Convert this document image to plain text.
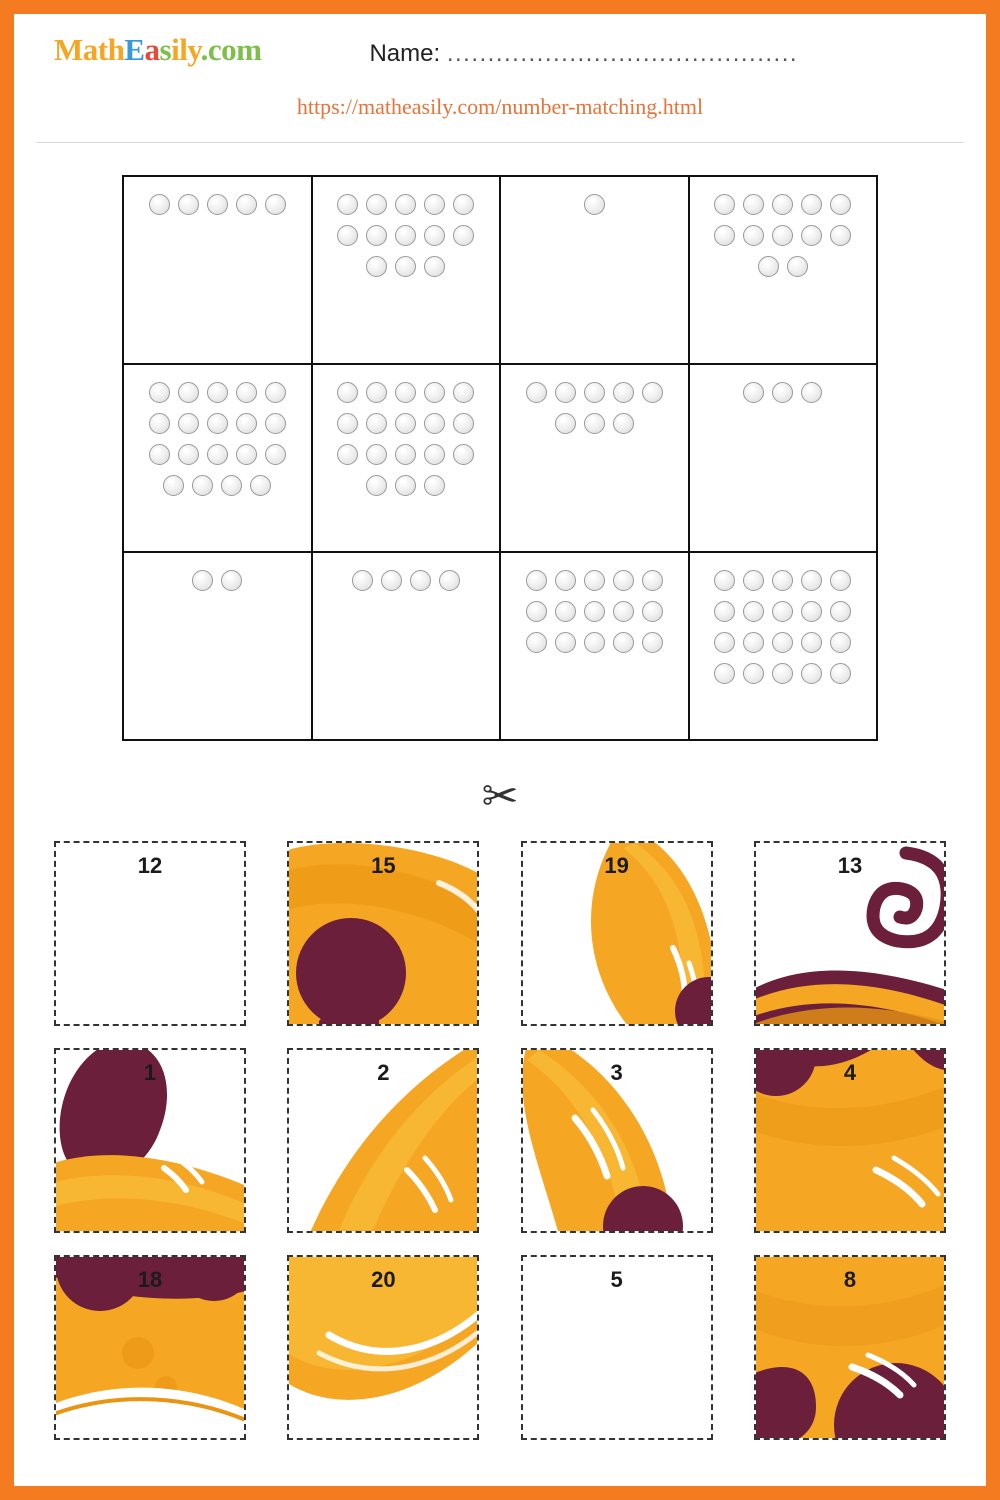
MathEasily.com	Name: ...........................................
https://matheasily.com/number-matching.html
✂
12	15	19	13
1	2	3	4
18	20	5	8
